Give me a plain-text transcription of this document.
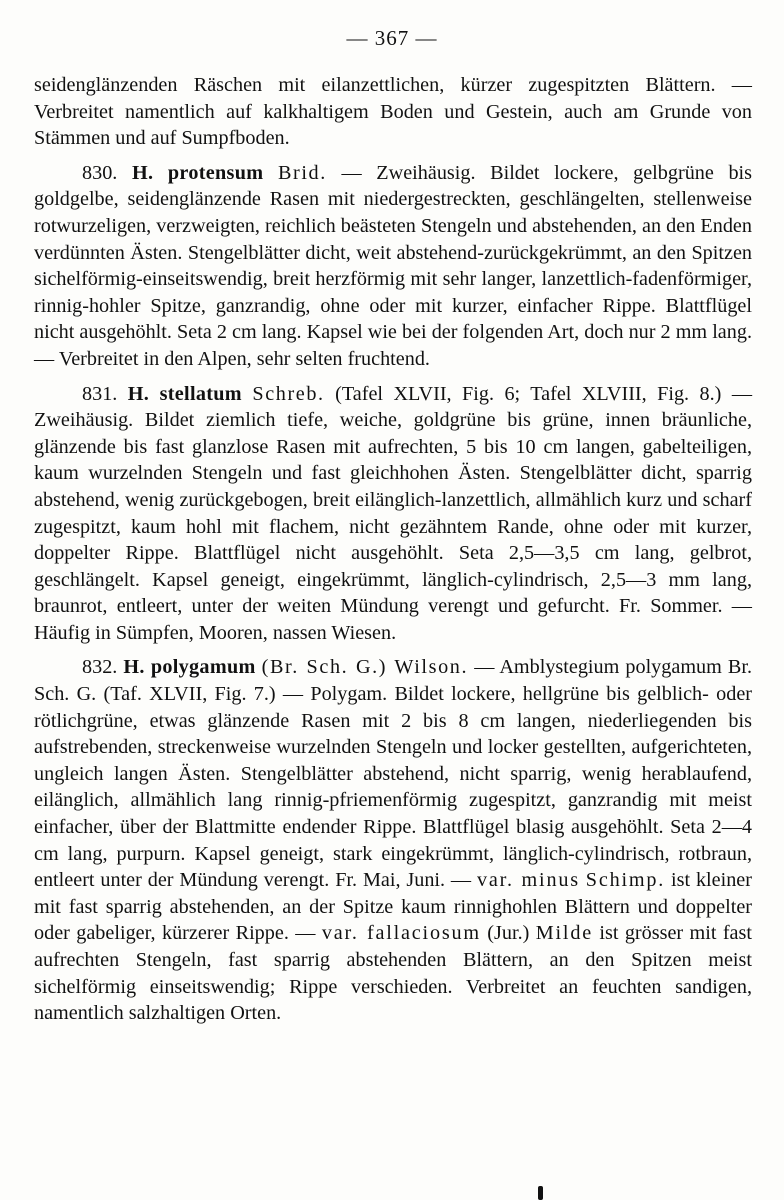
— 367 —

seidenglänzenden Räschen mit eilanzettlichen, kürzer zugespitzten Blättern. — Verbreitet namentlich auf kalkhaltigem Boden und Gestein, auch am Grunde von Stämmen und auf Sumpfboden.

830. H. protensum Brid. — Zweihäusig. Bildet lockere, gelbgrüne bis goldgelbe, seidenglänzende Rasen mit niedergestreckten, geschlängelten, stellenweise rotwurzeligen, verzweigten, reichlich beästeten Stengeln und abstehenden, an den Enden verdünnten Ästen. Stengelblätter dicht, weit abstehend-zurückgekrümmt, an den Spitzen sichelförmig-einseitswendig, breit herzförmig mit sehr langer, lanzettlich-fadenförmiger, rinnig-hohler Spitze, ganzrandig, ohne oder mit kurzer, einfacher Rippe. Blattflügel nicht ausgehöhlt. Seta 2 cm lang. Kapsel wie bei der folgenden Art, doch nur 2 mm lang. — Verbreitet in den Alpen, sehr selten fruchtend.

831. H. stellatum Schreb. (Tafel XLVII, Fig. 6; Tafel XLVIII, Fig. 8.) — Zweihäusig. Bildet ziemlich tiefe, weiche, goldgrüne bis grüne, innen bräunliche, glänzende bis fast glanzlose Rasen mit aufrechten, 5 bis 10 cm langen, gabelteiligen, kaum wurzelnden Stengeln und fast gleichhohen Ästen. Stengelblätter dicht, sparrig abstehend, wenig zurückgebogen, breit eilänglich-lanzettlich, allmählich kurz und scharf zugespitzt, kaum hohl mit flachem, nicht gezähntem Rande, ohne oder mit kurzer, doppelter Rippe. Blattflügel nicht ausgehöhlt. Seta 2,5—3,5 cm lang, gelbrot, geschlängelt. Kapsel geneigt, eingekrümmt, länglich-cylindrisch, 2,5—3 mm lang, braunrot, entleert, unter der weiten Mündung verengt und gefurcht. Fr. Sommer. — Häufig in Sümpfen, Mooren, nassen Wiesen.

832. H. polygamum (Br. Sch. G.) Wilson. — Amblystegium polygamum Br. Sch. G. (Taf. XLVII, Fig. 7.) — Polygam. Bildet lockere, hellgrüne bis gelblich- oder rötlichgrüne, etwas glänzende Rasen mit 2 bis 8 cm langen, niederliegenden bis aufstrebenden, streckenweise wurzelnden Stengeln und locker gestellten, aufgerichteten, ungleich langen Ästen. Stengelblätter abstehend, nicht sparrig, wenig herablaufend, eilänglich, allmählich lang rinnig-pfriemenförmig zugespitzt, ganzrandig mit meist einfacher, über der Blattmitte endender Rippe. Blattflügel blasig ausgehöhlt. Seta 2—4 cm lang, purpurn. Kapsel geneigt, stark eingekrümmt, länglich-cylindrisch, rotbraun, entleert unter der Mündung verengt. Fr. Mai, Juni. — var. minus Schimp. ist kleiner mit fast sparrig abstehenden, an der Spitze kaum rinnighohlen Blättern und doppelter oder gabeliger, kürzerer Rippe. — var. fallaciosum (Jur.) Milde ist grösser mit fast aufrechten Stengeln, fast sparrig abstehenden Blättern, an den Spitzen meist sichelförmig einseitswendig; Rippe verschieden. Verbreitet an feuchten sandigen, namentlich salzhaltigen Orten.
